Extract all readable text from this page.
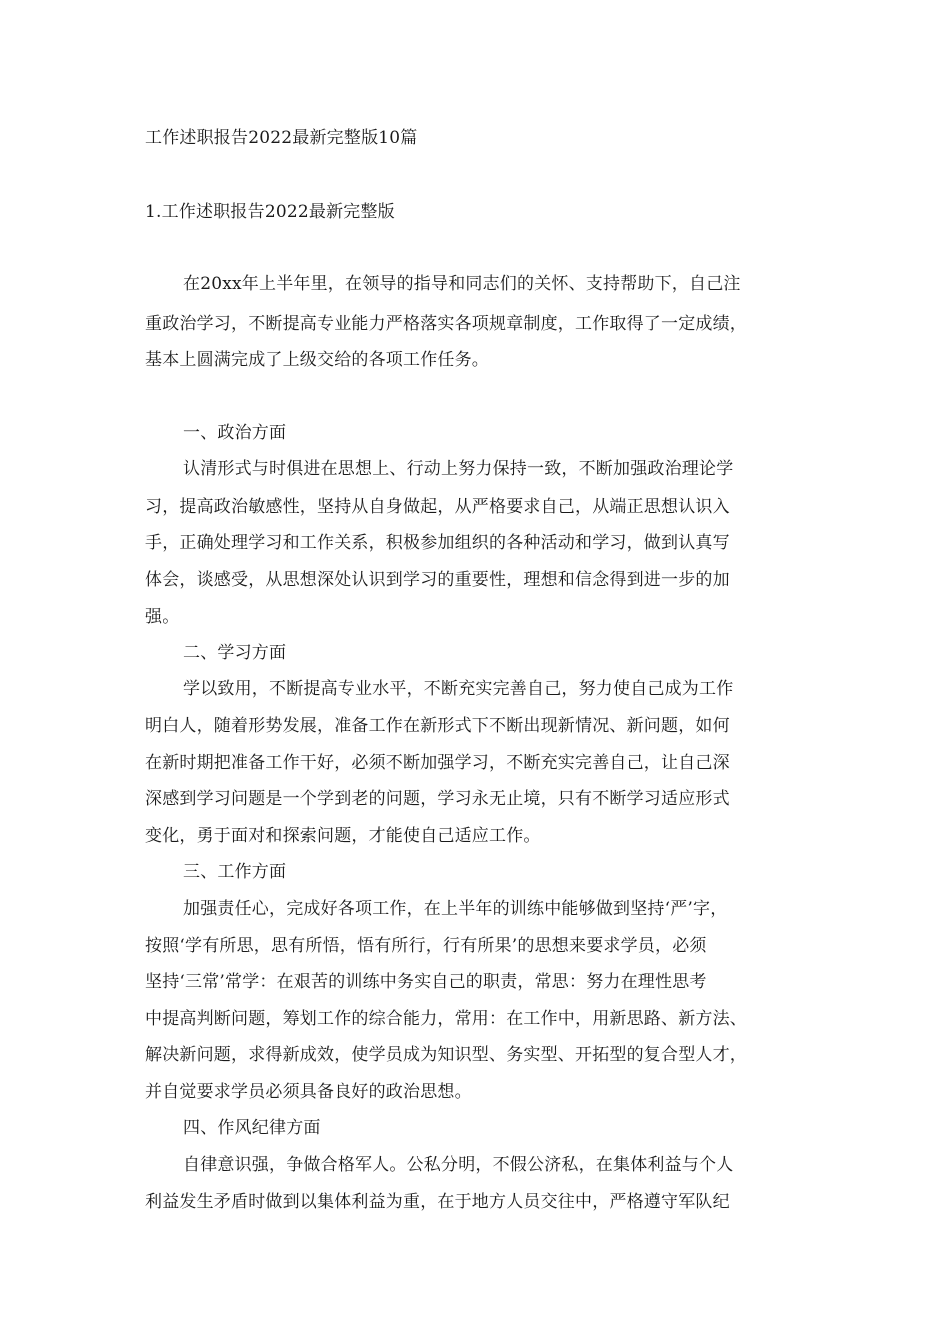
工作述职报告2022最新完整版10篇
1.工作述职报告2022最新完整版
在20xx年上半年里，在领导的指导和同志们的关怀、支持帮助下，自己注
重政治学习，不断提高专业能力严格落实各项规章制度，工作取得了一定成绩，
基本上圆满完成了上级交给的各项工作任务。
一、政治方面
认清形式与时俱进在思想上、行动上努力保持一致，不断加强政治理论学
习，提高政治敏感性，坚持从自身做起，从严格要求自己，从端正思想认识入
手，正确处理学习和工作关系，积极参加组织的各种活动和学习，做到认真写
体会，谈感受，从思想深处认识到学习的重要性，理想和信念得到进一步的加
强。
二、学习方面
学以致用，不断提高专业水平，不断充实完善自己，努力使自己成为工作
明白人，随着形势发展，准备工作在新形式下不断出现新情况、新问题，如何
在新时期把准备工作干好，必须不断加强学习，不断充实完善自己，让自己深
深感到学习问题是一个学到老的问题，学习永无止境，只有不断学习适应形式
变化，勇于面对和探索问题，才能使自己适应工作。
三、工作方面
加强责任心，完成好各项工作，在上半年的训练中能够做到坚持‘严’字，
按照‘学有所思，思有所悟，悟有所行，行有所果’的思想来要求学员，必须
坚持‘三常’常学：在艰苦的训练中务实自己的职责，常思：努力在理性思考
中提高判断问题，筹划工作的综合能力，常用：在工作中，用新思路、新方法、
解决新问题，求得新成效，使学员成为知识型、务实型、开拓型的复合型人才，
并自觉要求学员必须具备良好的政治思想。
四、作风纪律方面
自律意识强，争做合格军人。公私分明，不假公济私，在集体利益与个人
利益发生矛盾时做到以集体利益为重，在于地方人员交往中，严格遵守军队纪
